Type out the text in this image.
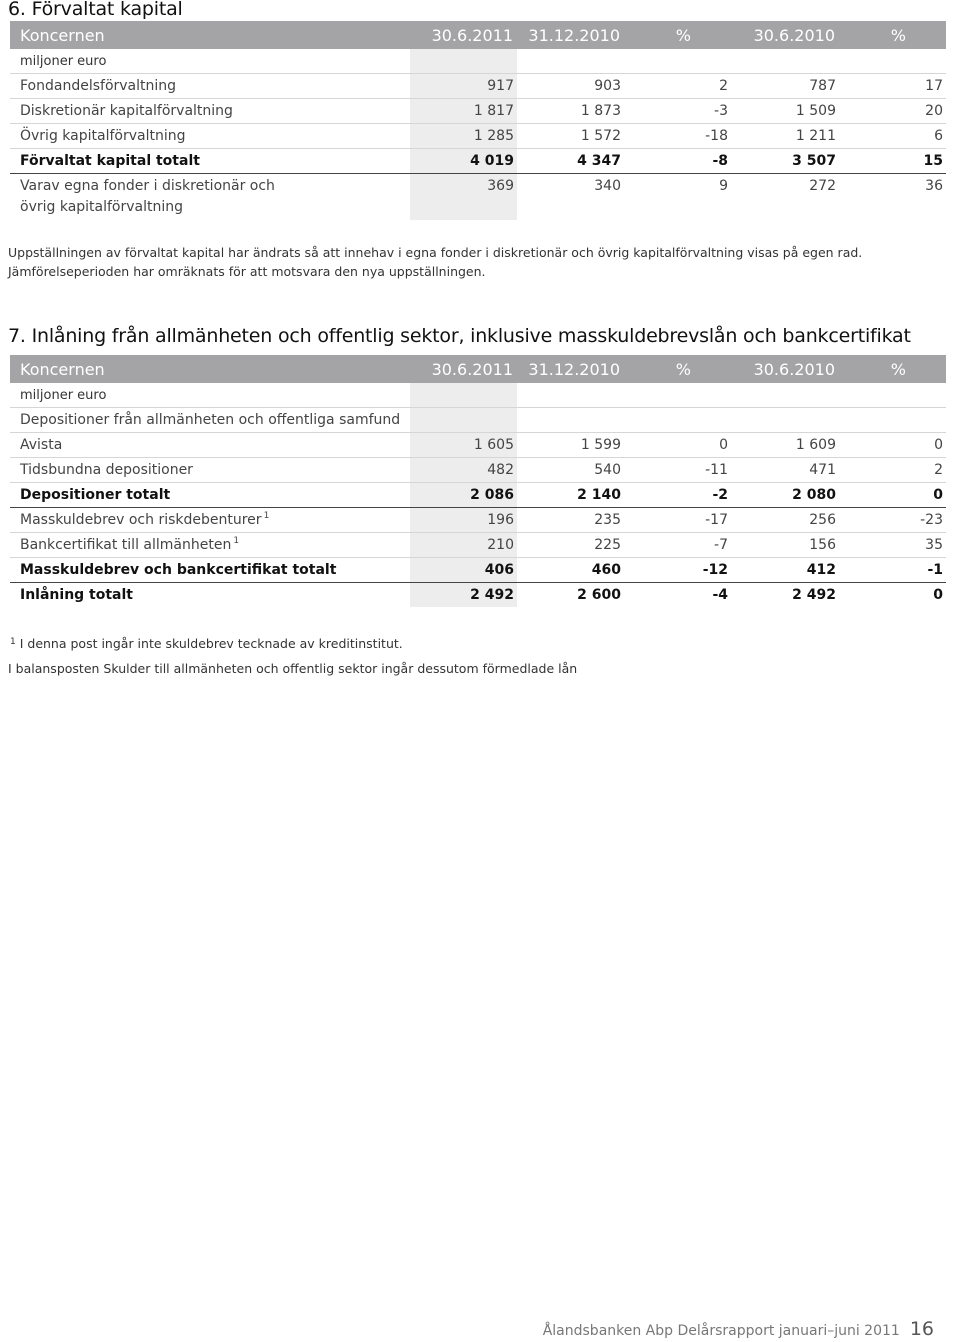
6. Förvaltat kapital
Koncernen	30.6.2011	31.12.2010	%	30.6.2010	%
miljoner euro					
Fondandelsförvaltning	917	903	2	787	17
Diskretionär kapitalförvaltning	1 817	1 873	-3	1 509	20
Övrig kapitalförvaltning	1 285	1 572	-18	1 211	6
Förvaltat kapital totalt	4 019	4 347	-8	3 507	15
Varav egna fonder i diskretionär och övrig kapitalförvaltning	369	340	9	272	36

Uppställningen av förvaltat kapital har ändrats så att innehav i egna fonder i diskretionär och övrig kapitalförvaltning visas på egen rad.
Jämförelseperioden har omräknats för att motsvara den nya uppställningen.

7. Inlåning från allmänheten och offentlig sektor, inklusive masskuldebrevslån och bankcertifikat
Koncernen	30.6.2011	31.12.2010	%	30.6.2010	%
miljoner euro					
Depositioner från allmänheten och offentliga samfund					
Avista	1 605	1 599	0	1 609	0
Tidsbundna depositioner	482	540	-11	471	2
Depositioner totalt	2 086	2 140	-2	2 080	0
Masskuldebrev och riskdebenturer $^1$	196	235	-17	256	-23
Bankcertifikat till allmänheten $^1$	210	225	-7	156	35
Masskuldebrev och bankcertifikat totalt	406	460	-12	412	-1
Inlåning totalt	2 492	2 600	-4	2 492	0

$^1$ I denna post ingår inte skuldebrev tecknade av kreditinstitut.

I balansposten Skulder till allmänheten och offentlig sektor ingår dessutom förmedlade lån

Ålandsbanken Abp Delårsrapport januari–juni 2011 16
